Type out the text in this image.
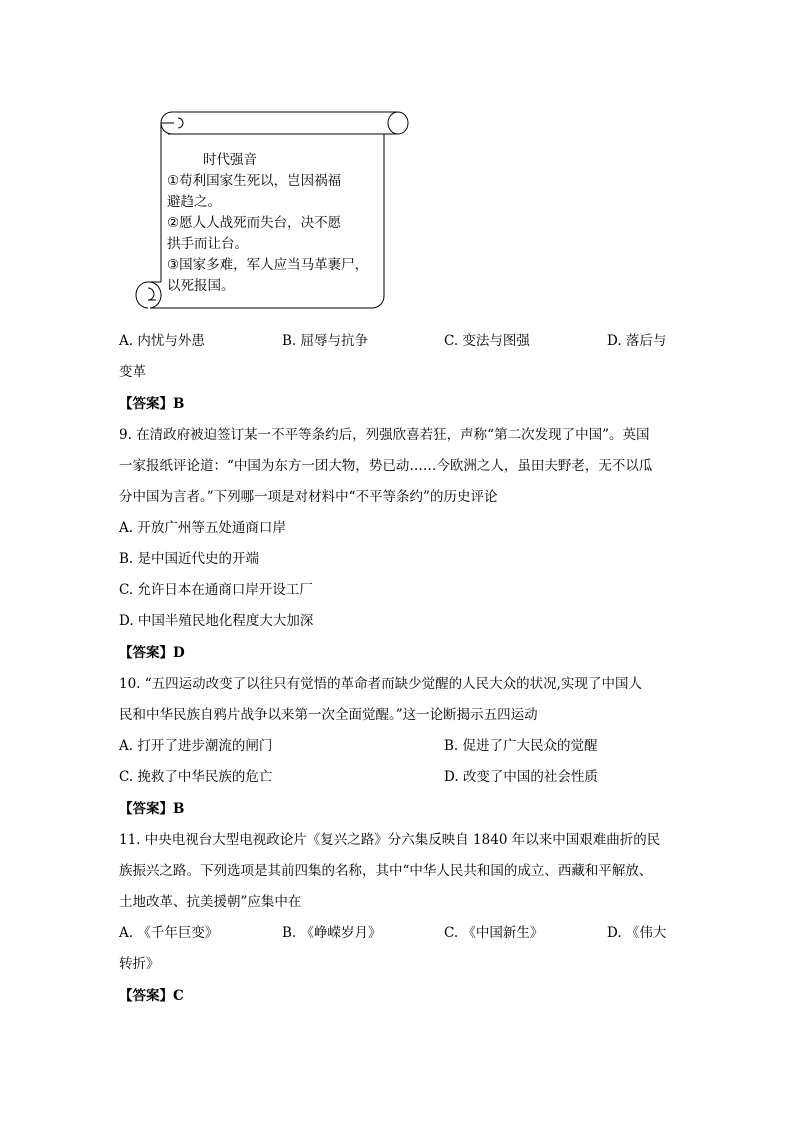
时代强音
①苟利国家生死以，岂因祸福
避趋之。
②愿人人战死而失台，决不愿
拱手而让台。
③国家多难，军人应当马革裹尸，
以死报国。
A. 内忧与外患	B. 屈辱与抗争	C. 变法与图强	D. 落后与
变革
【答案】B
9. 在清政府被迫签订某一不平等条约后，列强欣喜若狂，声称“第二次发现了中国”。英国
一家报纸评论道：“中国为东方一团大物，势已动……今欧洲之人，虽田夫野老，无不以瓜
分中国为言者。”下列哪一项是对材料中“不平等条约”的历史评论
A. 开放广州等五处通商口岸
B. 是中国近代史的开端
C. 允许日本在通商口岸开设工厂
D. 中国半殖民地化程度大大加深
【答案】D
10. “五四运动改变了以往只有觉悟的革命者而缺少觉醒的人民大众的状况,实现了中国人
民和中华民族自鸦片战争以来第一次全面觉醒。”这一论断揭示五四运动
A. 打开了进步潮流的闸门	B. 促进了广大民众的觉醒
C. 挽救了中华民族的危亡	D. 改变了中国的社会性质
【答案】B
11. 中央电视台大型电视政论片《复兴之路》分六集反映自 1840 年以来中国艰难曲折的民
族振兴之路。下列选项是其前四集的名称，其中“中华人民共和国的成立、西藏和平解放、
土地改革、抗美援朝”应集中在
A. 《千年巨变》	B. 《峥嵘岁月》	C. 《中国新生》	D. 《伟大
转折》
【答案】C
